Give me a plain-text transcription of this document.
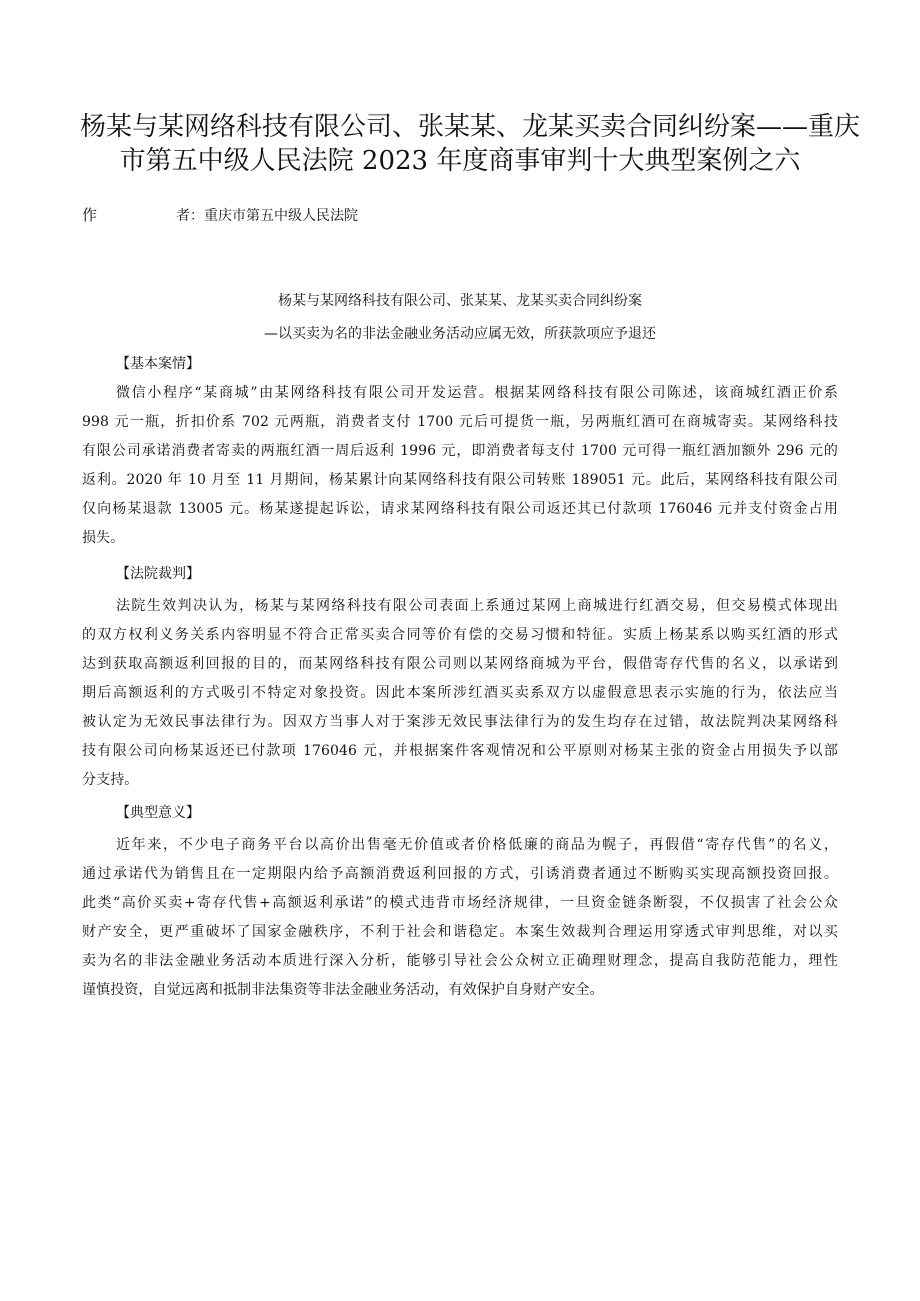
杨某与某网络科技有限公司、张某某、龙某买卖合同纠纷案——重庆
市第五中级人民法院 2023 年度商事审判十大典型案例之六
作	者：重庆市第五中级人民法院
杨某与某网络科技有限公司、张某某、龙某买卖合同纠纷案
—以买卖为名的非法金融业务活动应属无效，所获款项应予退还
【基本案情】
微信小程序“某商城”由某网络科技有限公司开发运营。根据某网络科技有限公司陈述，该商城红酒正价系
998 元一瓶，折扣价系 702 元两瓶，消费者支付 1700 元后可提货一瓶，另两瓶红酒可在商城寄卖。某网络科技
有限公司承诺消费者寄卖的两瓶红酒一周后返利 1996 元，即消费者每支付 1700 元可得一瓶红酒加额外 296 元的
返利。2020 年 10 月至 11 月期间，杨某累计向某网络科技有限公司转账 189051 元。此后，某网络科技有限公司
仅向杨某退款 13005 元。杨某遂提起诉讼，请求某网络科技有限公司返还其已付款项 176046 元并支付资金占用
损失。
【法院裁判】
法院生效判决认为，杨某与某网络科技有限公司表面上系通过某网上商城进行红酒交易，但交易模式体现出
的双方权利义务关系内容明显不符合正常买卖合同等价有偿的交易习惯和特征。实质上杨某系以购买红酒的形式
达到获取高额返利回报的目的，而某网络科技有限公司则以某网络商城为平台，假借寄存代售的名义，以承诺到
期后高额返利的方式吸引不特定对象投资。因此本案所涉红酒买卖系双方以虚假意思表示实施的行为，依法应当
被认定为无效民事法律行为。因双方当事人对于案涉无效民事法律行为的发生均存在过错，故法院判决某网络科
技有限公司向杨某返还已付款项 176046 元，并根据案件客观情况和公平原则对杨某主张的资金占用损失予以部
分支持。
【典型意义】
近年来，不少电子商务平台以高价出售毫无价值或者价格低廉的商品为幌子，再假借“寄存代售”的名义，
通过承诺代为销售且在一定期限内给予高额消费返利回报的方式，引诱消费者通过不断购买实现高额投资回报。
此类“高价买卖+寄存代售+高额返利承诺”的模式违背市场经济规律，一旦资金链条断裂，不仅损害了社会公众
财产安全，更严重破坏了国家金融秩序，不利于社会和谐稳定。本案生效裁判合理运用穿透式审判思维，对以买
卖为名的非法金融业务活动本质进行深入分析，能够引导社会公众树立正确理财理念，提高自我防范能力，理性
谨慎投资，自觉远离和抵制非法集资等非法金融业务活动，有效保护自身财产安全。
